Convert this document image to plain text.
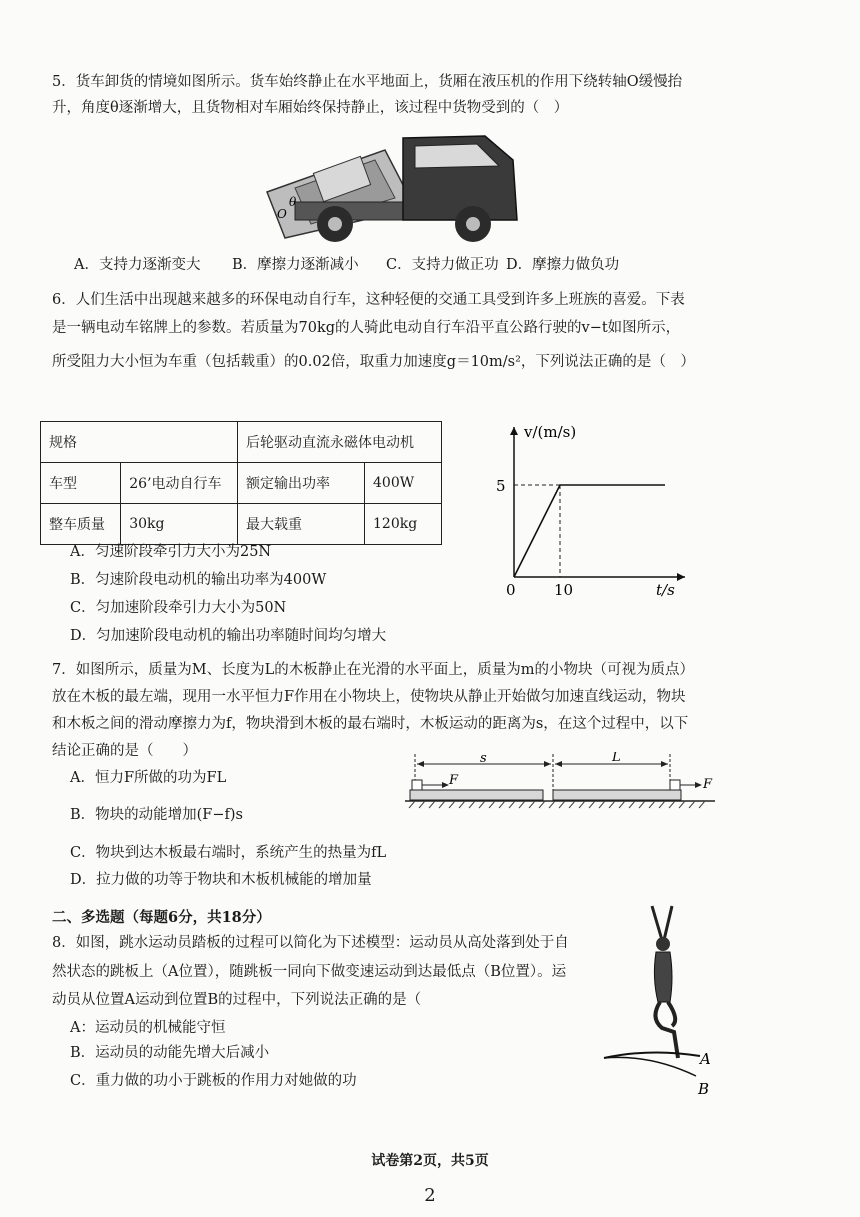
5．货车卸货的情境如图所示。货车始终静止在水平地面上，货厢在液压机的作用下绕转轴O缓慢抬
升，角度θ逐渐增大，且货物相对车厢始终保持静止，该过程中货物受到的（　）
θ
O
A．支持力逐渐变大 B．摩擦力逐渐减小 C．支持力做正功 D．摩擦力做负功
6．人们生活中出现越来越多的环保电动自行车，这种轻便的交通工具受到许多上班族的喜爱。下表
是一辆电动车铭牌上的参数。若质量为70kg的人骑此电动自行车沿平直公路行驶的v−t如图所示，
所受阻力大小恒为车重（包括载重）的0.02倍，取重力加速度g＝10m/s²，下列说法正确的是（　）
规格		后轮驱动直流永磁体电动机	
车型	26’电动自行车	额定输出功率	400W
整车质量	30kg	最大载重	120kg
A．匀速阶段牵引力大小为25N
B．匀速阶段电动机的输出功率为400W
C．匀加速阶段牵引力大小为50N
D．匀加速阶段电动机的输出功率随时间均匀增大
v/(m/s)
t/s
0
5
10
7．如图所示，质量为M、长度为L的木板静止在光滑的水平面上，质量为m的小物块（可视为质点）
放在木板的最左端，现用一水平恒力F作用在小物块上，使物块从静止开始做匀加速直线运动，物块
和木板之间的滑动摩擦力为f，物块滑到木板的最右端时，木板运动的距离为s，在这个过程中，以下
结论正确的是（　　）
A．恒力F所做的功为FL
B．物块的动能增加(F−f)s
C．物块到达木板最右端时，系统产生的热量为fL
D．拉力做的功等于物块和木板机械能的增加量
s	L
F	F
二、多选题（每题6分，共18分）
8．如图，跳水运动员踏板的过程可以简化为下述模型：运动员从高处落到处于自
然状态的跳板上（A位置），随跳板一同向下做变速运动到达最低点（B位置）。运
动员从位置A运动到位置B的过程中，下列说法正确的是（
A：运动员的机械能守恒
B．运动员的动能先增大后减小
C．重力做的功小于跳板的作用力对她做的功
A
B
试卷第2页，共5页
2
